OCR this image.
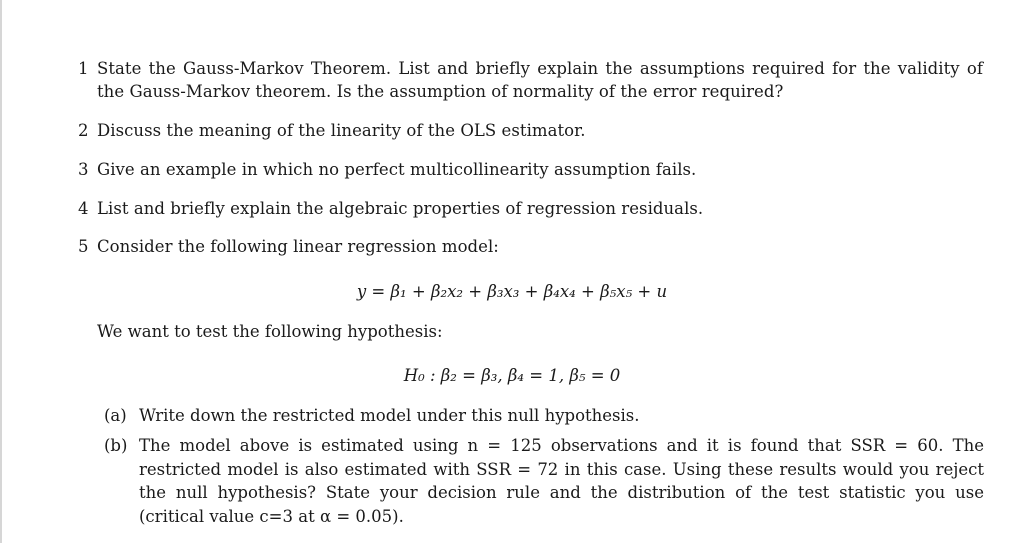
1 State the Gauss-Markov Theorem. List and briefly explain the assumptions required for the validity of the Gauss-Markov theorem. Is the assumption of normality of the error required?
2 Discuss the meaning of the linearity of the OLS estimator.
3 Give an example in which no perfect multicollinearity assumption fails.
4 List and briefly explain the algebraic properties of regression residuals.
5 Consider the following linear regression model:
y = β₁ + β₂x₂ + β₃x₃ + β₄x₄ + β₅x₅ + u
We want to test the following hypothesis:
H₀ : β₂ = β₃, β₄ = 1, β₅ = 0
(a) Write down the restricted model under this null hypothesis.
(b) The model above is estimated using n = 125 observations and it is found that SSR = 60. The restricted model is also estimated with SSR = 72 in this case. Using these results would you reject the null hypothesis? State your decision rule and the distribution of the test statistic you use (critical value c=3 at α = 0.05).
